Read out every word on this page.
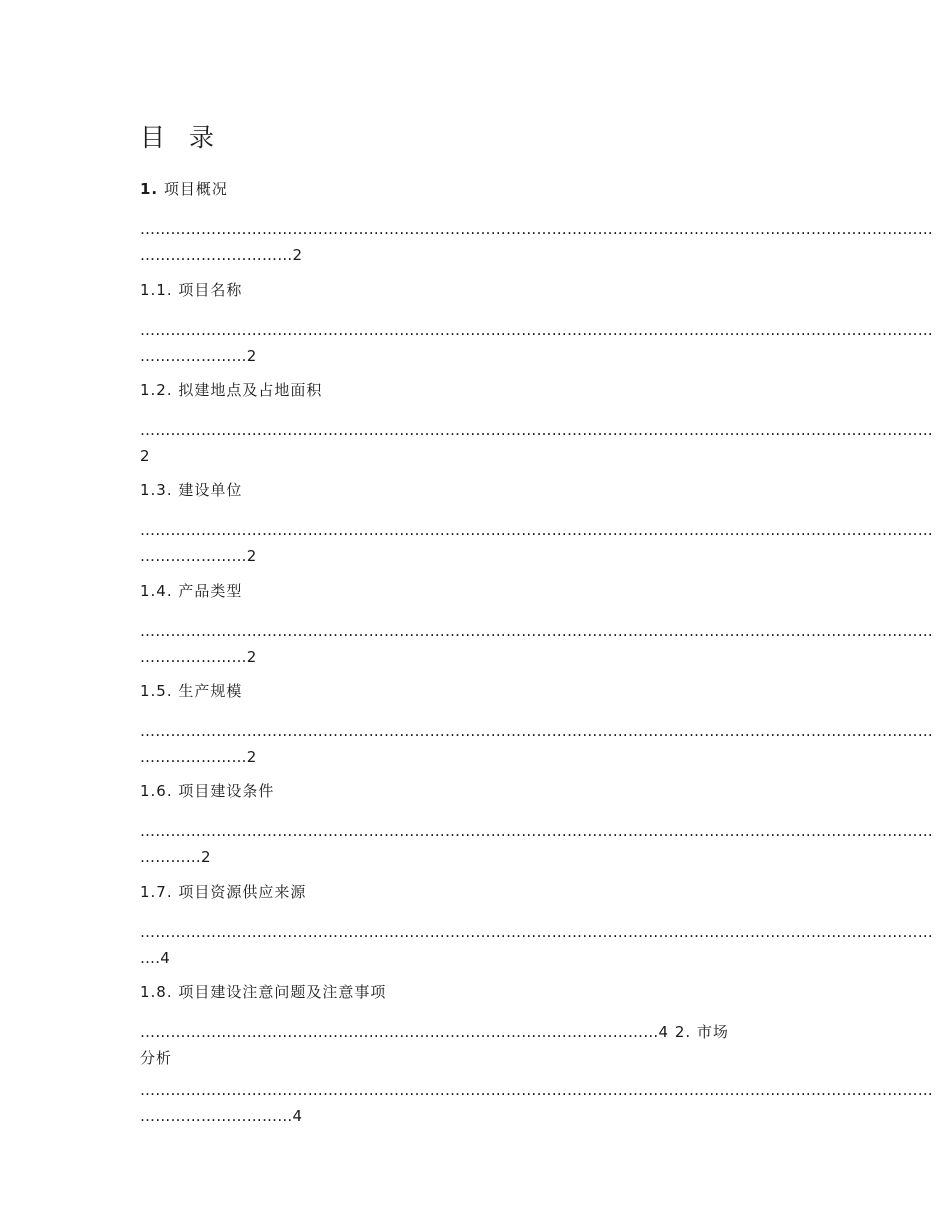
目 录
1. 项目概况
…………………………………………………………………………………………………………………………………………
…………………………2
1.1. 项目名称
…………………………………………………………………………………………………………………………………………
…………………2
1.2. 拟建地点及占地面积
…………………………………………………………………………………………………………………………………………
2
1.3. 建设单位
…………………………………………………………………………………………………………………………………………
…………………2
1.4. 产品类型
…………………………………………………………………………………………………………………………………………
…………………2
1.5. 生产规模
…………………………………………………………………………………………………………………………………………
…………………2
1.6. 项目建设条件
…………………………………………………………………………………………………………………………………………
…………2
1.7. 项目资源供应来源
…………………………………………………………………………………………………………………………………………
….4
1.8. 项目建设注意问题及注意事项
…………………………………………………………………………………………4 2. 市场
分析
…………………………………………………………………………………………………………………………………………
…………………………4
